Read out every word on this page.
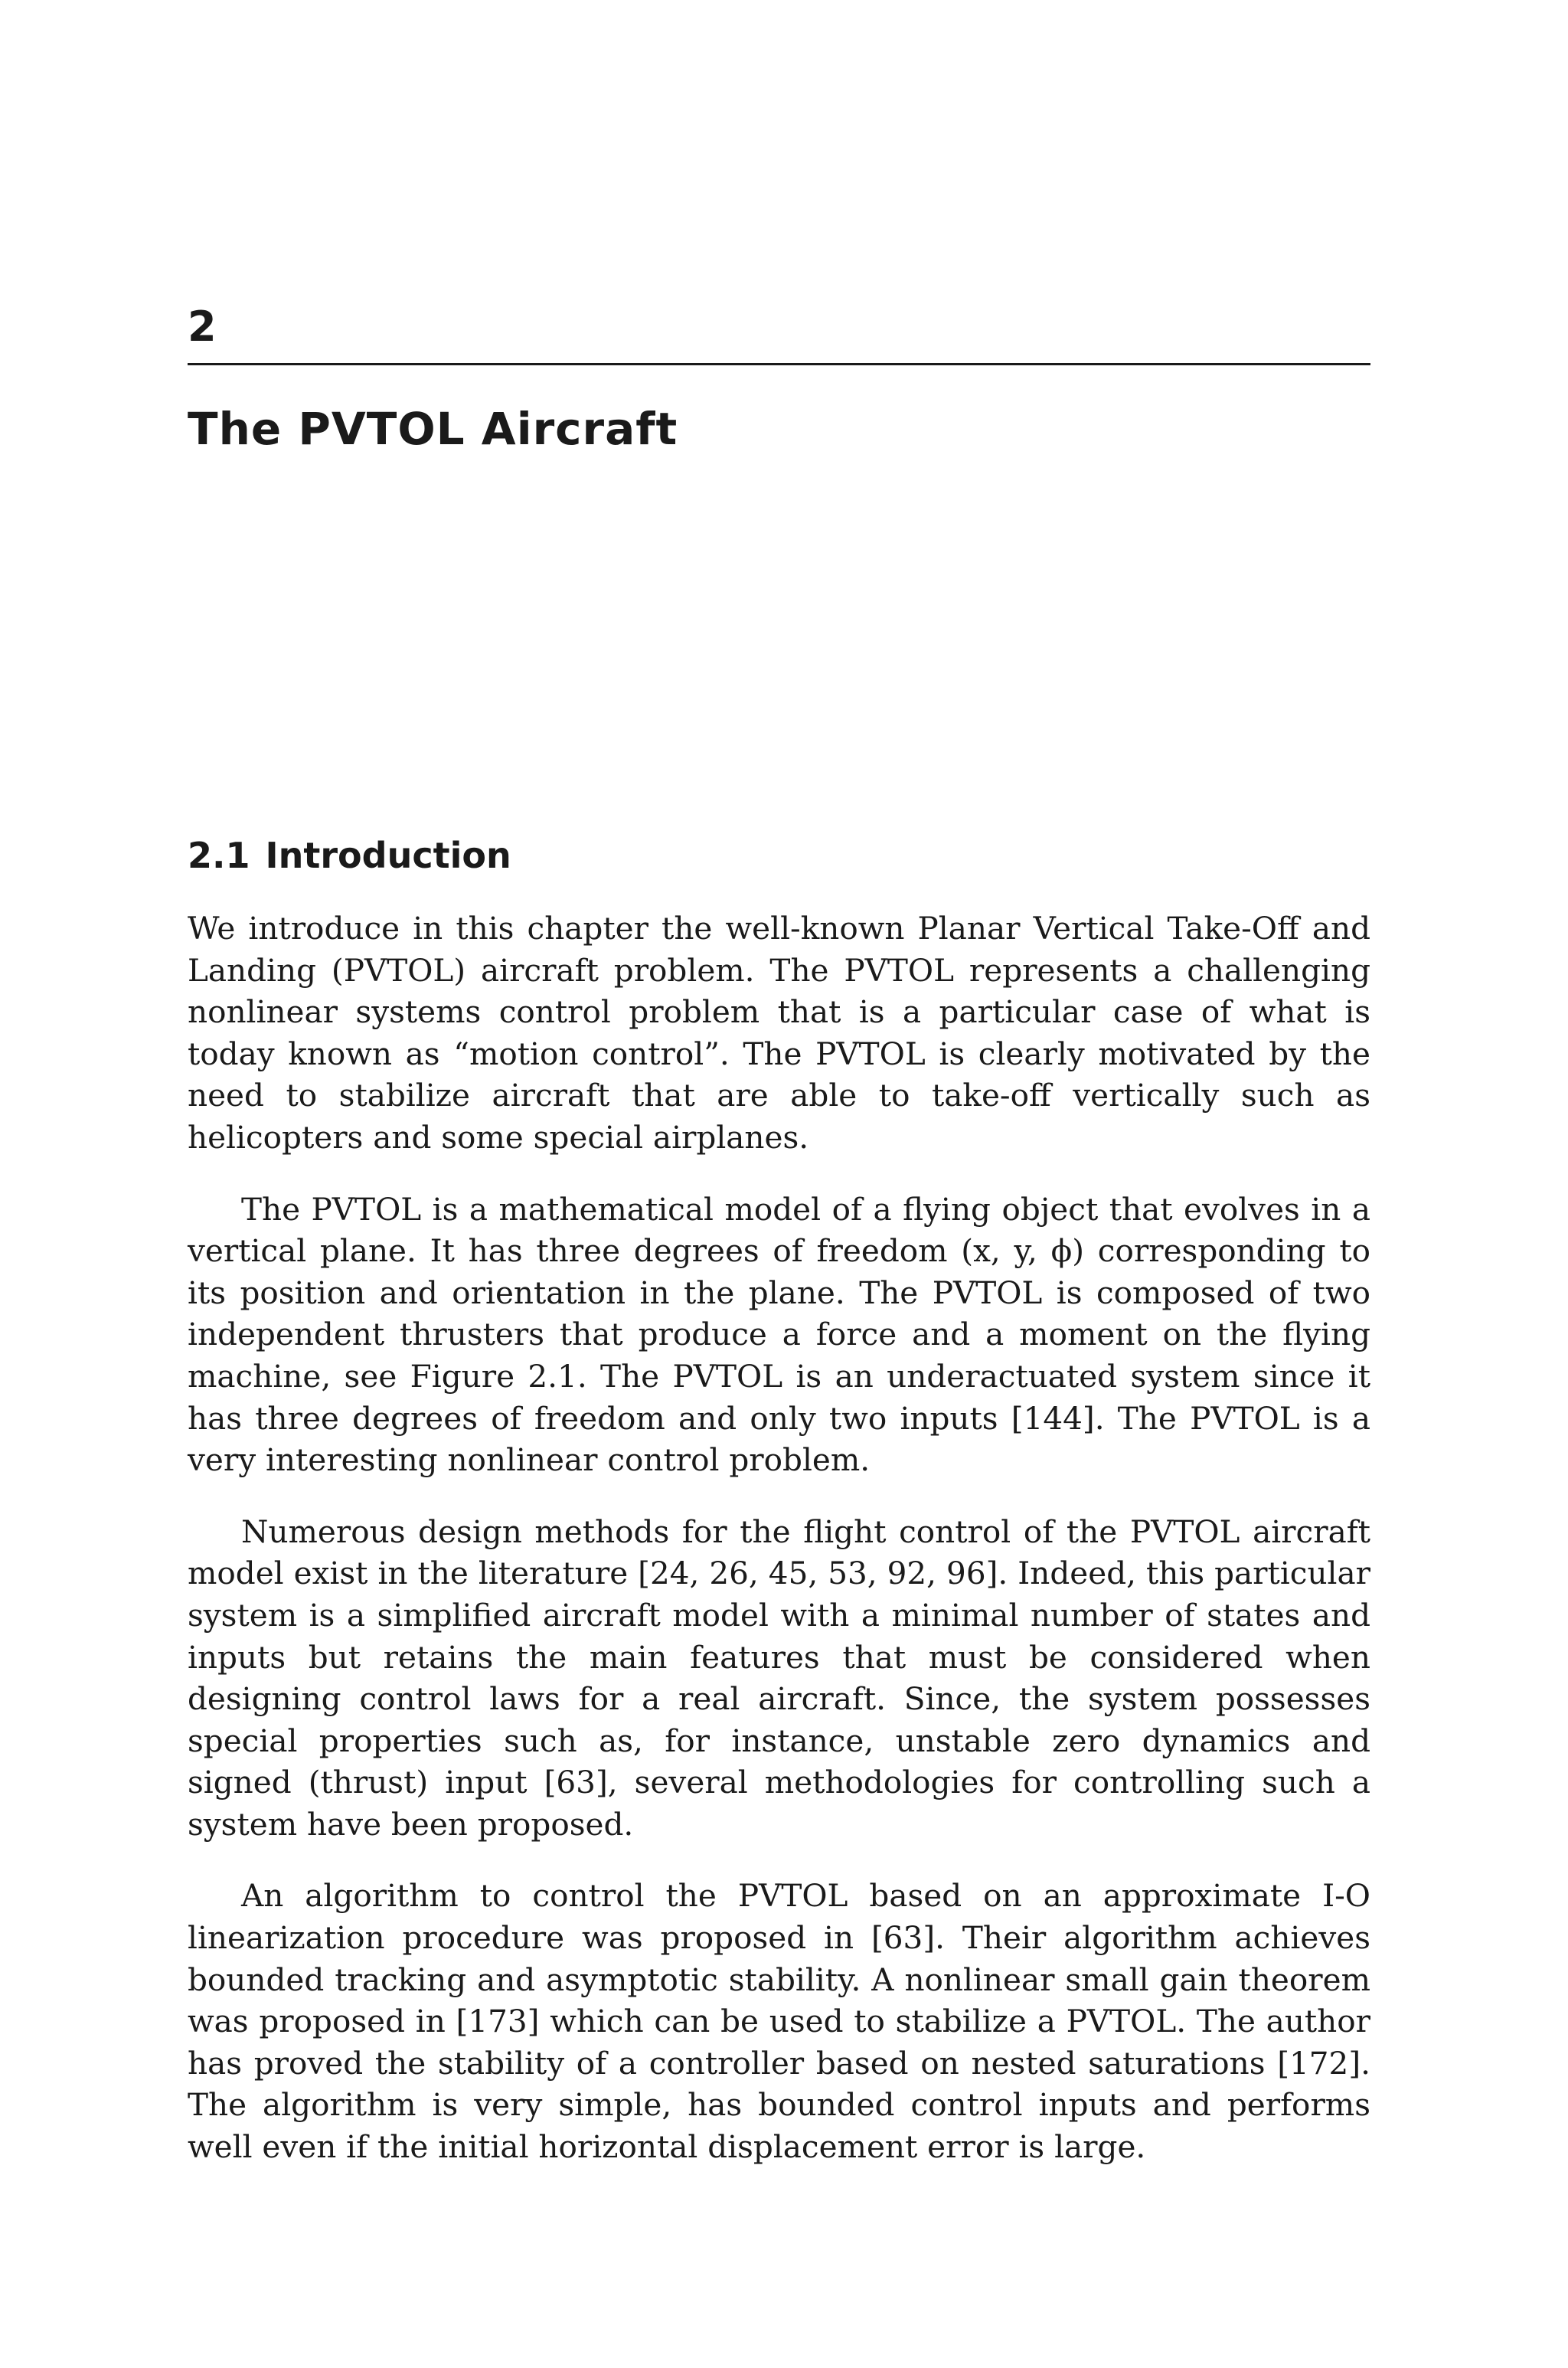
2
The PVTOL Aircraft
2.1 Introduction

We introduce in this chapter the well-known Planar Vertical Take-Off and Landing (PVTOL) aircraft problem. The PVTOL represents a challenging nonlinear systems control problem that is a particular case of what is today known as “motion control”. The PVTOL is clearly motivated by the need to stabilize aircraft that are able to take-off vertically such as helicopters and some special airplanes.

The PVTOL is a mathematical model of a flying object that evolves in a vertical plane. It has three degrees of freedom (x, y, ϕ) corresponding to its position and orientation in the plane. The PVTOL is composed of two independent thrusters that produce a force and a moment on the flying machine, see Figure 2.1. The PVTOL is an underactuated system since it has three degrees of freedom and only two inputs [144]. The PVTOL is a very interesting nonlinear control problem.

Numerous design methods for the flight control of the PVTOL aircraft model exist in the literature [24, 26, 45, 53, 92, 96]. Indeed, this particular system is a simplified aircraft model with a minimal number of states and inputs but retains the main features that must be considered when designing control laws for a real aircraft. Since, the system possesses special properties such as, for instance, unstable zero dynamics and signed (thrust) input [63], several methodologies for controlling such a system have been proposed.

An algorithm to control the PVTOL based on an approximate I-O linearization procedure was proposed in [63]. Their algorithm achieves bounded tracking and asymptotic stability. A nonlinear small gain theorem was proposed in [173] which can be used to stabilize a PVTOL. The author has proved the stability of a controller based on nested saturations [172]. The algorithm is very simple, has bounded control inputs and performs well even if the initial horizontal displacement error is large.
